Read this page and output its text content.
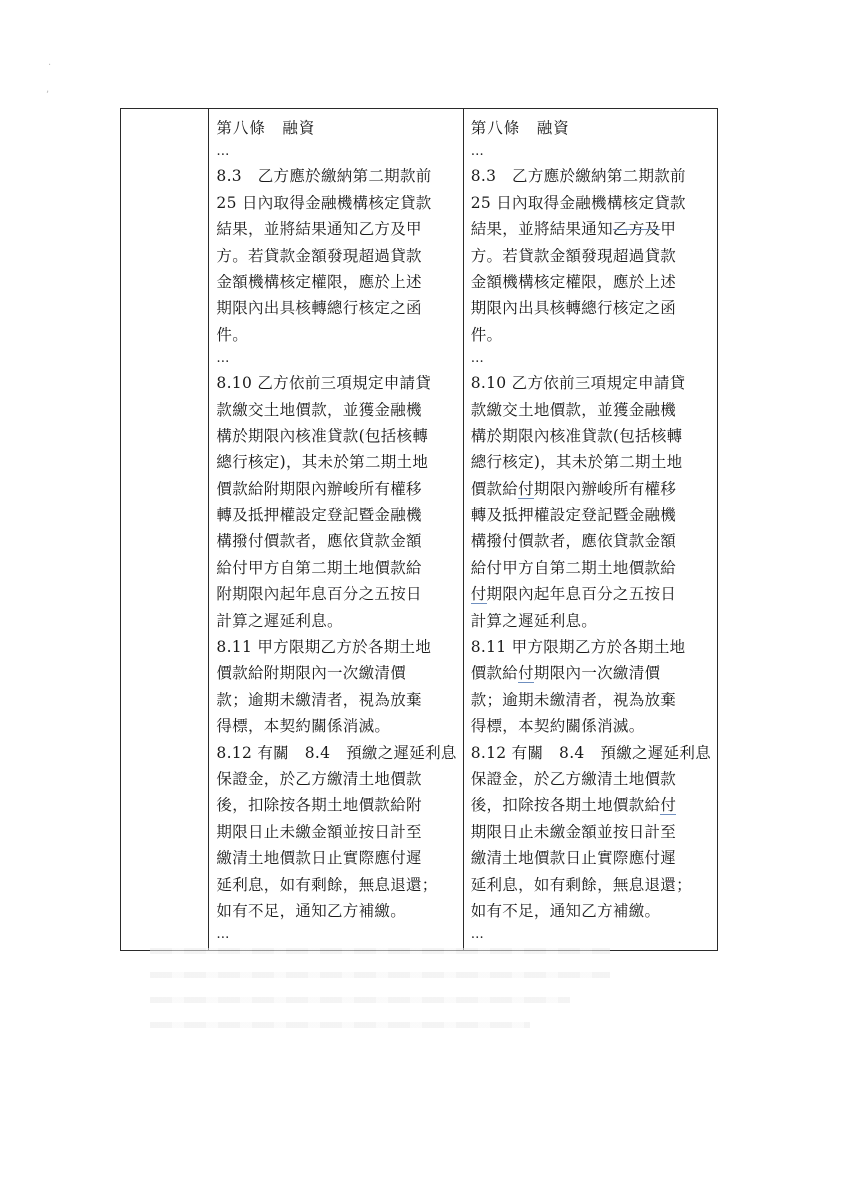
·
,

第八條　融資
…
8.3　乙方應於繳納第二期款前
25 日內取得金融機構核定貸款
結果，並將結果通知乙方及甲
方。若貸款金額發現超過貸款
金額機構核定權限，應於上述
期限內出具核轉總行核定之函
件。
…
8.10 乙方依前三項規定申請貸
款繳交土地價款，並獲金融機
構於期限內核准貸款(包括核轉
總行核定)，其未於第二期土地
價款給附期限內辦峻所有權移
轉及抵押權設定登記暨金融機
構撥付價款者，應依貸款金額
給付甲方自第二期土地價款給
附期限內起年息百分之五按日
計算之遲延利息。
8.11 甲方限期乙方於各期土地
價款給附期限內一次繳清價
款；逾期未繳清者，視為放棄
得標，本契約關係消滅。
8.12 有關　8.4　預繳之遲延利息
保證金，於乙方繳清土地價款
後，扣除按各期土地價款給附
期限日止未繳金額並按日計至
繳清土地價款日止實際應付遲
延利息，如有剩餘，無息退還；
如有不足，通知乙方補繳。
…

第八條　融資
…
8.3　乙方應於繳納第二期款前
25 日內取得金融機構核定貸款
結果，並將結果通知乙方及甲
方。若貸款金額發現超過貸款
金額機構核定權限，應於上述
期限內出具核轉總行核定之函
件。
…
8.10 乙方依前三項規定申請貸
款繳交土地價款，並獲金融機
構於期限內核准貸款(包括核轉
總行核定)，其未於第二期土地
價款給付期限內辦峻所有權移
轉及抵押權設定登記暨金融機
構撥付價款者，應依貸款金額
給付甲方自第二期土地價款給
付期限內起年息百分之五按日
計算之遲延利息。
8.11 甲方限期乙方於各期土地
價款給付期限內一次繳清價
款；逾期未繳清者，視為放棄
得標，本契約關係消滅。
8.12 有關　8.4　預繳之遲延利息
保證金，於乙方繳清土地價款
後，扣除按各期土地價款給付
期限日止未繳金額並按日計至
繳清土地價款日止實際應付遲
延利息，如有剩餘，無息退還；
如有不足，通知乙方補繳。
…
